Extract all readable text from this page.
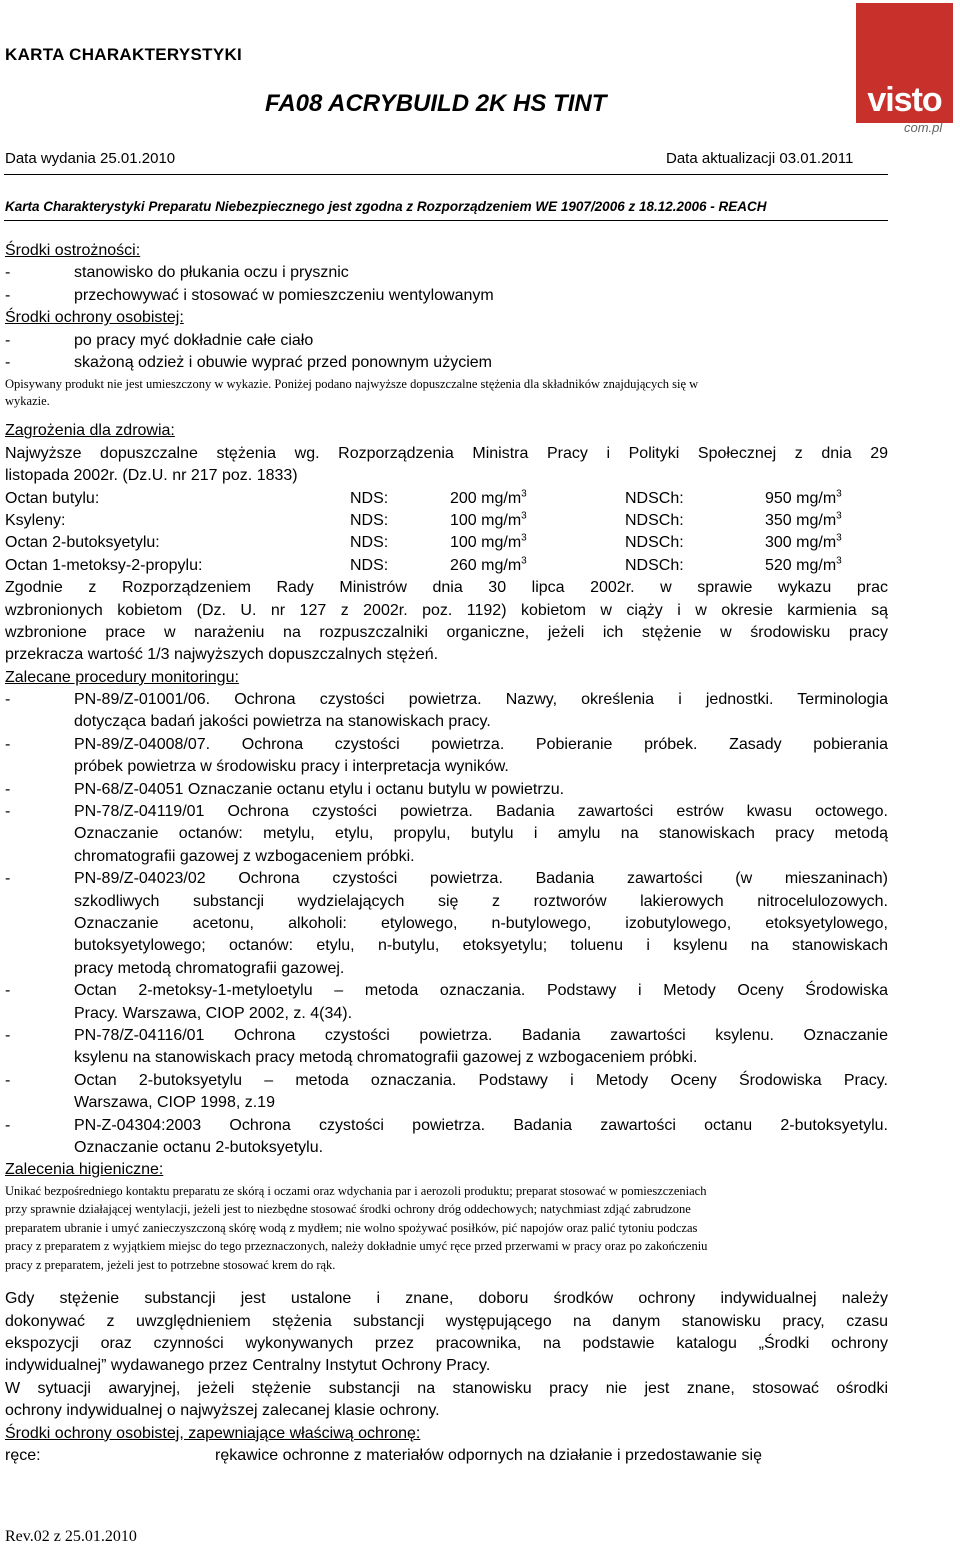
KARTA CHARAKTERYSTYKI
FA08 ACRYBUILD 2K HS TINT	visto
com.pl
Data wydania 25.01.2010	Data aktualizacji 03.01.2011
Karta Charakterystyki Preparatu Niebezpiecznego jest zgodna z Rozporządzeniem WE 1907/2006 z 18.12.2006 - REACH
Środki ostrożności:
-	stanowisko do płukania oczu i prysznic
-	przechowywać i stosować w pomieszczeniu wentylowanym
Środki ochrony osobistej:
-	po pracy myć dokładnie całe ciało
-	skażoną odzież i obuwie wyprać przed ponownym użyciem
Opisywany produkt nie jest umieszczony w wykazie. Poniżej podano najwyższe dopuszczalne stężenia dla składników znajdujących się w
wykazie.
Zagrożenia dla zdrowia:
Najwyższe dopuszczalne stężenia wg. Rozporządzenia Ministra Pracy i Polityki Społecznej z dnia 29
listopada 2002r. (Dz.U. nr 217 poz. 1833)
Octan butylu:	NDS:	200 $mg/m^3$	NDSCh:	950 $mg/m^3$
Ksyleny:	NDS:	100 $mg/m^3$	NDSCh:	350 $mg/m^3$
Octan 2-butoksyetylu:	NDS:	100 $mg/m^3$	NDSCh:	300 $mg/m^3$
Octan 1-metoksy-2-propylu:	NDS:	260 $mg/m^3$	NDSCh:	520 $mg/m^3$
Zgodnie z Rozporządzeniem Rady Ministrów dnia 30 lipca 2002r. w sprawie wykazu prac
wzbronionych kobietom (Dz. U. nr 127 z 2002r. poz. 1192) kobietom w ciąży i w okresie karmienia są
wzbronione prace w narażeniu na rozpuszczalniki organiczne, jeżeli ich stężenie w środowisku pracy
przekracza wartość 1/3 najwyższych dopuszczalnych stężeń.
Zalecane procedury monitoringu:
-	PN-89/Z-01001/06. Ochrona czystości powietrza. Nazwy, określenia i jednostki. Terminologia
dotycząca badań jakości powietrza na stanowiskach pracy.
-	PN-89/Z-04008/07. Ochrona czystości powietrza. Pobieranie próbek. Zasady pobierania
próbek powietrza w środowisku pracy i interpretacja wyników.
-	PN-68/Z-04051 Oznaczanie octanu etylu i octanu butylu w powietrzu.
-	PN-78/Z-04119/01 Ochrona czystości powietrza. Badania zawartości estrów kwasu octowego.
Oznaczanie octanów: metylu, etylu, propylu, butylu i amylu na stanowiskach pracy metodą
chromatografii gazowej z wzbogaceniem próbki.
-	PN-89/Z-04023/02 Ochrona czystości powietrza. Badania zawartości (w mieszaninach)
szkodliwych substancji wydzielających się z roztworów lakierowych nitrocelulozowych.
Oznaczanie acetonu, alkoholi: etylowego, n-butylowego, izobutylowego, etoksyetylowego,
butoksyetylowego; octanów: etylu, n-butylu, etoksyetylu; toluenu i ksylenu na stanowiskach
pracy metodą chromatografii gazowej.
-	Octan 2-metoksy-1-metyloetylu – metoda oznaczania. Podstawy i Metody Oceny Środowiska
Pracy. Warszawa, CIOP 2002, z. 4(34).
-	PN-78/Z-04116/01 Ochrona czystości powietrza. Badania zawartości ksylenu. Oznaczanie
ksylenu na stanowiskach pracy metodą chromatografii gazowej z wzbogaceniem próbki.
-	Octan 2-butoksyetylu – metoda oznaczania. Podstawy i Metody Oceny Środowiska Pracy.
Warszawa, CIOP 1998, z.19
-	PN-Z-04304:2003 Ochrona czystości powietrza. Badania zawartości octanu 2-butoksyetylu.
Oznaczanie octanu 2-butoksyetylu.
Zalecenia higieniczne:
Unikać bezpośredniego kontaktu preparatu ze skórą i oczami oraz wdychania par i aerozoli produktu; preparat stosować w pomieszczeniach
przy sprawnie działającej wentylacji, jeżeli jest to niezbędne stosować środki ochrony dróg oddechowych; natychmiast zdjąć zabrudzone
preparatem ubranie i umyć zanieczyszczoną skórę wodą z mydłem; nie wolno spożywać posiłków, pić napojów oraz palić tytoniu podczas
pracy z preparatem z wyjątkiem miejsc do tego przeznaczonych, należy dokładnie umyć ręce przed przerwami w pracy oraz po zakończeniu
pracy z preparatem, jeżeli jest to potrzebne stosować krem do rąk.
Gdy stężenie substancji jest ustalone i znane, doboru środków ochrony indywidualnej należy
dokonywać z uwzględnieniem stężenia substancji występującego na danym stanowisku pracy, czasu
ekspozycji oraz czynności wykonywanych przez pracownika, na podstawie katalogu „Środki ochrony
indywidualnej” wydawanego przez Centralny Instytut Ochrony Pracy.
W sytuacji awaryjnej, jeżeli stężenie substancji na stanowisku pracy nie jest znane, stosować ośrodki
ochrony indywidualnej o najwyższej zalecanej klasie ochrony.
Środki ochrony osobistej, zapewniające właściwą ochronę:
ręce:	rękawice ochronne z materiałów odpornych na działanie i przedostawanie się
Rev.02 z 25.01.2010
